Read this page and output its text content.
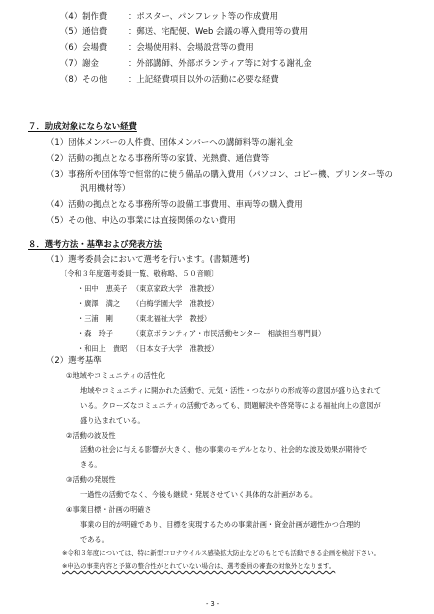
（4）制作費 ：ポスター、パンフレット等の作成費用
（5）通信費 ：郵送、宅配便、Web 会議の導入費用等の費用
（6）会場費 ：会場使用料、会場設営等の費用
（7）謝金	：外部講師、外部ボランティア等に対する謝礼金
（8）その他 ：上記経費項目以外の活動に必要な経費
７．助成対象にならない経費
（1）団体メンバーの人件費、団体メンバーへの講師料等の謝礼金
（2）活動の拠点となる事務所等の家賃、光熱費、通信費等
（3）事務所や団体等で恒常的に使う備品の購入費用（パソコン、コピー機、プリンター等の
汎用機材等）
（4）活動の拠点となる事務所等の設備工事費用、車両等の購入費用
（5）その他、申込の事業には直接関係のない費用
８．選考方法・基準および発表方法
（1）選考委員会において選考を行います。(書類選考)
〔令和３年度選考委員一覧、敬称略、５０音順〕
・田中　恵美子 （東京家政大学　准教授）
・廣澤　満之 （白梅学園大学　准教授）
・三浦　剛	（東北福祉大学　教授）
・森　玲子	（東京ボランティア・市民活動センター　相談担当専門員）
・和田上　貴昭 （日本女子大学　准教授）
（2）選考基準
①地域やコミュニティの活性化
地域やコミュニティに開かれた活動で、元気・活性・つながりの形成等の意図が盛り込まれて
いる。クローズなコミュニティの活動であっても、問題解決や啓発等による福祉向上の意図が
盛り込まれている。
②活動の波及性
活動の社会に与える影響が大きく、他の事業のモデルとなり、社会的な波及効果が期待で
きる。
③活動の発展性
一過性の活動でなく、今後も継続・発展させていく具体的な計画がある。
④事業目標・計画の明確さ
事業の目的が明確であり、目標を実現するための事業計画・資金計画が適性かつ合理的
である。
※令和３年度については、特に新型コロナウイルス感染拡大防止などのもとでも活動できる企画を検討下さい。
※申込の事業内容と予算の整合性がとれていない場合は、選考委員の審査の対象外となります。
- 3 -
